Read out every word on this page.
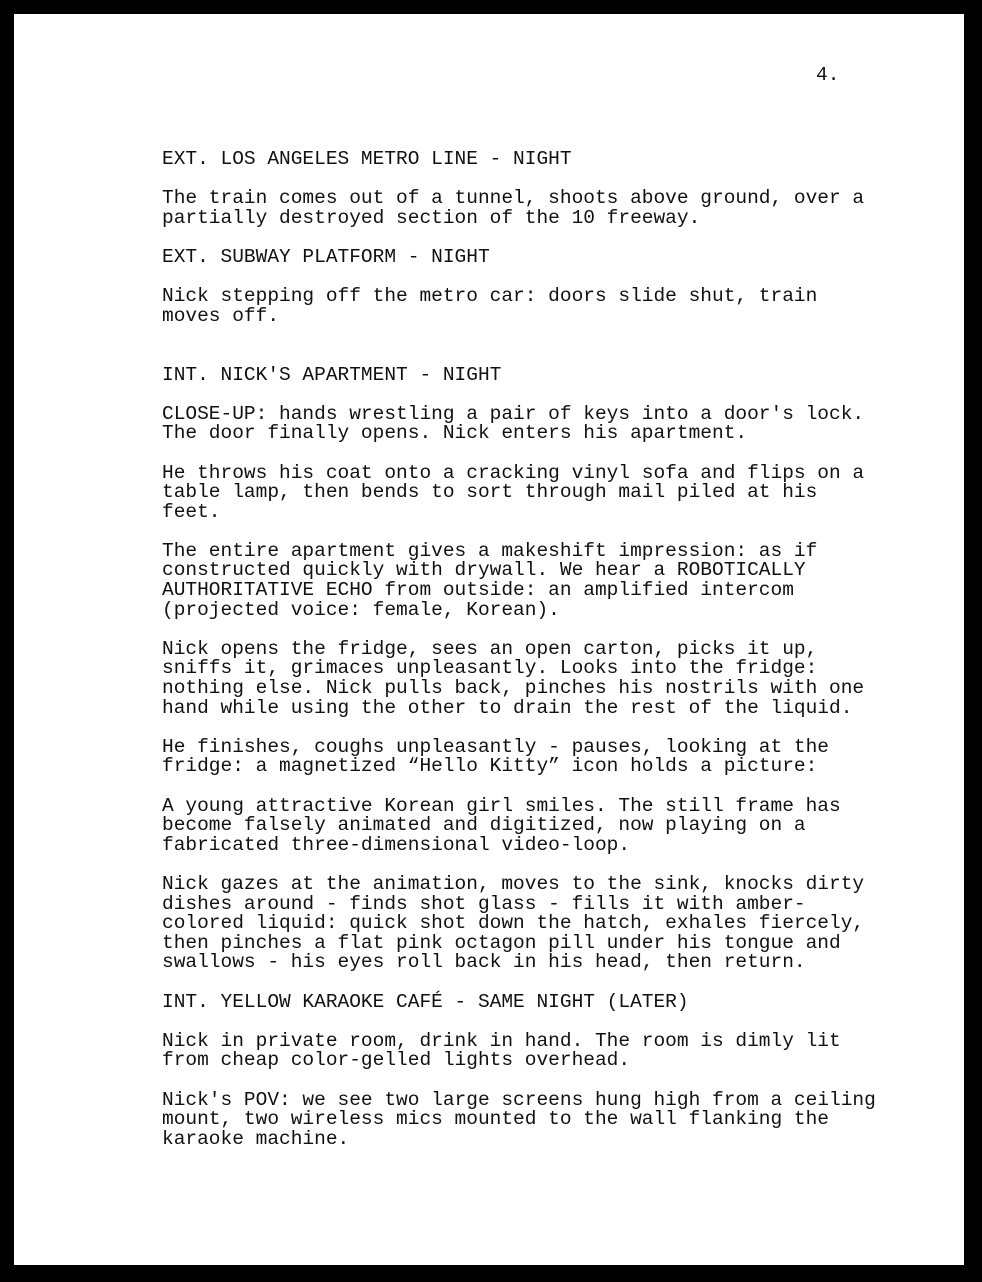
4.

EXT. LOS ANGELES METRO LINE - NIGHT

The train comes out of a tunnel, shoots above ground, over a
partially destroyed section of the 10 freeway.

EXT. SUBWAY PLATFORM - NIGHT

Nick stepping off the metro car: doors slide shut, train
moves off.

INT. NICK'S APARTMENT - NIGHT

CLOSE-UP: hands wrestling a pair of keys into a door's lock.
The door finally opens. Nick enters his apartment.
He throws his coat onto a cracking vinyl sofa and flips on a
table lamp, then bends to sort through mail piled at his
feet.
The entire apartment gives a makeshift impression: as if
constructed quickly with drywall. We hear a ROBOTICALLY
AUTHORITATIVE ECHO from outside: an amplified intercom
(projected voice: female, Korean).
Nick opens the fridge, sees an open carton, picks it up,
sniffs it, grimaces unpleasantly. Looks into the fridge:
nothing else. Nick pulls back, pinches his nostrils with one
hand while using the other to drain the rest of the liquid.
He finishes, coughs unpleasantly - pauses, looking at the
fridge: a magnetized “Hello Kitty” icon holds a picture:
A young attractive Korean girl smiles. The still frame has
become falsely animated and digitized, now playing on a
fabricated three-dimensional video-loop.
Nick gazes at the animation, moves to the sink, knocks dirty
dishes around - finds shot glass - fills it with amber-
colored liquid: quick shot down the hatch, exhales fiercely,
then pinches a flat pink octagon pill under his tongue and
swallows - his eyes roll back in his head, then return.

INT. YELLOW KARAOKE CAFÉ - SAME NIGHT (LATER)

Nick in private room, drink in hand. The room is dimly lit
from cheap color-gelled lights overhead.
Nick's POV: we see two large screens hung high from a ceiling
mount, two wireless mics mounted to the wall flanking the
karaoke machine.
